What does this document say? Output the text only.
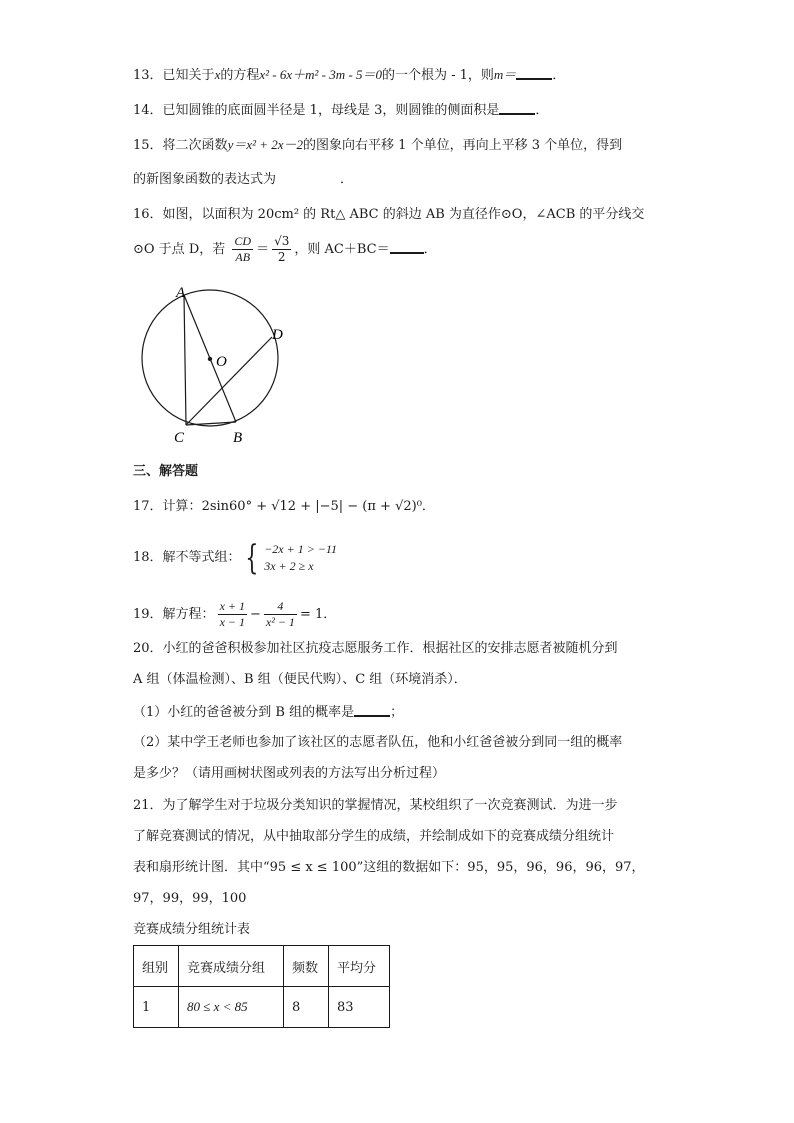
13．已知关于x的方程x² - 6x＋m² - 3m - 5＝0的一个根为 - 1，则m＝	．
14．已知圆锥的底面圆半径是 1，母线是 3，则圆锥的侧面积是	．
15．将二次函数y＝x² + 2x－2的图象向右平移 1 个单位，再向上平移 3 个单位，得到
的新图象函数的表达式为	．
16．如图，以面积为 20cm² 的 Rt△ ABC 的斜边 AB 为直径作⊙O，∠ACB 的平分线交
⊙O 于点 D，若 $\frac{CD}{AB} = \frac{√3}{2}$ ，则 AC＋BC＝	．
A
D
O
C	B
三、解答题
17．计算：2sin60° + √12 + |−5| − (π + √2)⁰．
18．解不等式组： { −2x + 1 > −11
3x + 2 ≥ x
19．解方程： $\frac{x + 1}{x - 1} - \frac{4}{\text{x² − 1}} = 1$．
20．小红的爸爸积极参加社区抗疫志愿服务工作．根据社区的安排志愿者被随机分到
A 组（体温检测）、B 组（便民代购）、C 组（环境消杀）．
（1）小红的爸爸被分到 B 组的概率是	；
（2）某中学王老师也参加了该社区的志愿者队伍，他和小红爸爸被分到同一组的概率
是多少？（请用画树状图或列表的方法写出分析过程）
21．为了解学生对于垃圾分类知识的掌握情况，某校组织了一次竞赛测试．为进一步
了解竞赛测试的情况，从中抽取部分学生的成绩，并绘制成如下的竞赛成绩分组统计
表和扇形统计图．其中“95 ≤ x ≤ 100”这组的数据如下：95，95，96，96，96，97，
97，99，99，100
竞赛成绩分组统计表
组别	竞赛成绩分组	频数	平均分
1	80 ≤ x < 85	8	83
